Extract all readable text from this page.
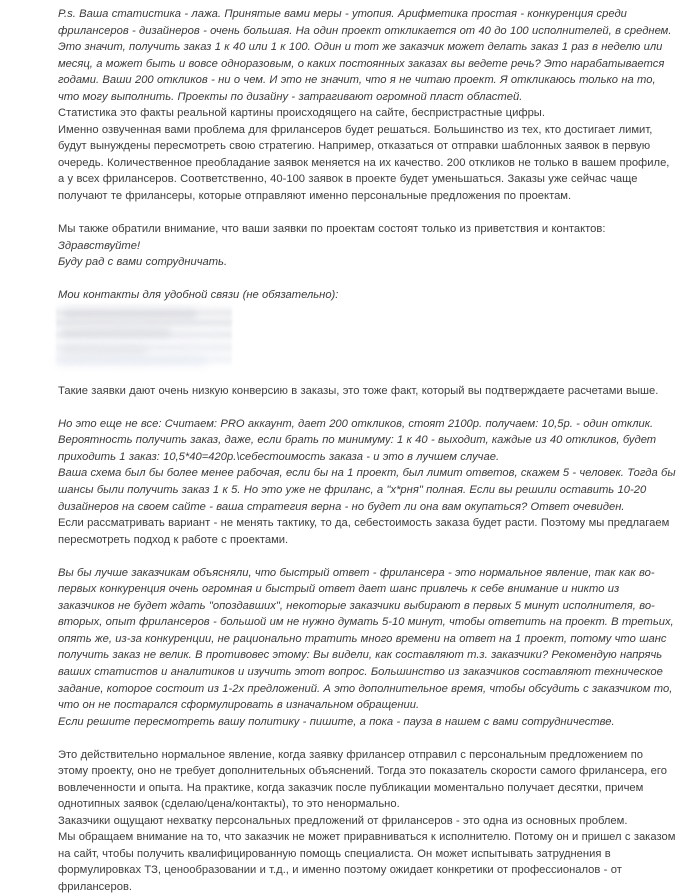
P.s. Ваша статистика - лажа. Принятые вами меры - утопия. Арифметика простая - конкуренция среди фрилансеров - дизайнеров - очень большая. На один проект откликается от 40 до 100 исполнителей, в среднем. Это значит, получить заказ 1 к 40 или 1 к 100. Один и тот же заказчик может делать заказ 1 раз в неделю или месяц, а может быть и вовсе одноразовым, о каких постоянных заказах вы ведете речь? Это нарабатывается годами. Ваши 200 откликов - ни о чем. И это не значит, что я не читаю проект. Я откликаюсь только на то, что могу выполнить. Проекты по дизайну - затрагивают огромной пласт областей.

Статистика это факты реальной картины происходящего на сайте, беспристрастные цифры.

Именно озвученная вами проблема для фрилансеров будет решаться. Большинство из тех, кто достигает лимит, будут вынуждены пересмотреть свою стратегию. Например, отказаться от отправки шаблонных заявок в первую очередь. Количественное преобладание заявок меняется на их качество. 200 откликов не только в вашем профиле, а у всех фрилансеров. Соответственно, 40-100 заявок в проекте будет уменьшаться. Заказы уже сейчас чаще получают те фрилансеры, которые отправляют именно персональные предложения по проектам.

Мы также обратили внимание, что ваши заявки по проектам состоят только из приветствия и контактов:

Здравствуйте!

Буду рад с вами сотрудничать.

Мои контакты для удобной связи (не обязательно):

Такие заявки дают очень низкую конверсию в заказы, это тоже факт, который вы подтверждаете расчетами выше.

Но это еще не все: Считаем: PRO аккаунт, дает 200 откликов, стоят 2100р. получаем: 10,5р. - один отклик. Вероятность получить заказ, даже, если брать по минимуму: 1 к 40 - выходит, каждые из 40 откликов, будет приходить 1 заказ: 10,5*40=420р.\себестоимость заказа - и это в лучшем случае.

Ваша схема был бы более менее рабочая, если бы на 1 проект, был лимит ответов, скажем 5 - человек. Тогда бы шансы были получить заказ 1 к 5. Но это уже не фриланс, а "х*рня" полная. Если вы решили оставить 10-20 дизайнеров на своем сайте - ваша стратегия верна - но будет ли она вам окупаться? Ответ очевиден.

Если рассматривать вариант - не менять тактику, то да, себестоимость заказа будет расти. Поэтому мы предлагаем пересмотреть подход к работе с проектами.

Вы бы лучше заказчикам объясняли, что быстрый ответ - фрилансера - это нормальное явление, так как во-первых конкуренция очень огромная и быстрый ответ дает шанс привлечь к себе внимание и никто из заказчиков не будет ждать "опоздавших", некоторые заказчики выбирают в первых 5 минут исполнителя, во-вторых, опыт фрилансеров - большой им не нужно думать 5-10 минут, чтобы ответить на проект. В третьих, опять же, из-за конкуренции, не рационально тратить много времени на ответ на 1 проект, потому что шанс получить заказ не велик. В противовес этому: Вы видели, как составляют т.з. заказчики? Рекомендую напрячь ваших статистов и аналитиков и изучить этот вопрос. Большинство из заказчиков составляют техническое задание, которое состоит из 1-2х предложений. А это дополнительное время, чтобы обсудить с заказчиком то, что он не постарался сформулировать в изначальном обращении.

Если решите пересмотреть вашу политику - пишите, а пока - пауза в нашем с вами сотрудничестве.

Это действительно нормальное явление, когда заявку фрилансер отправил с персональным предложением по этому проекту, оно не требует дополнительных объяснений. Тогда это показатель скорости самого фрилансера, его вовлеченности и опыта. На практике, когда заказчик после публикации моментально получает десятки, причем однотипных заявок (сделаю/цена/контакты), то это ненормально.

Заказчики ощущают нехватку персональных предложений от фрилансеров - это одна из основных проблем.

Мы обращаем внимание на то, что заказчик не может приравниваться к исполнителю. Потому он и пришел с заказом на сайт, чтобы получить квалифицированную помощь специалиста. Он может испытывать затруднения в формулировках ТЗ, ценообразовании и т.д., и именно поэтому ожидает конкретики от профессионалов - от фрилансеров.
